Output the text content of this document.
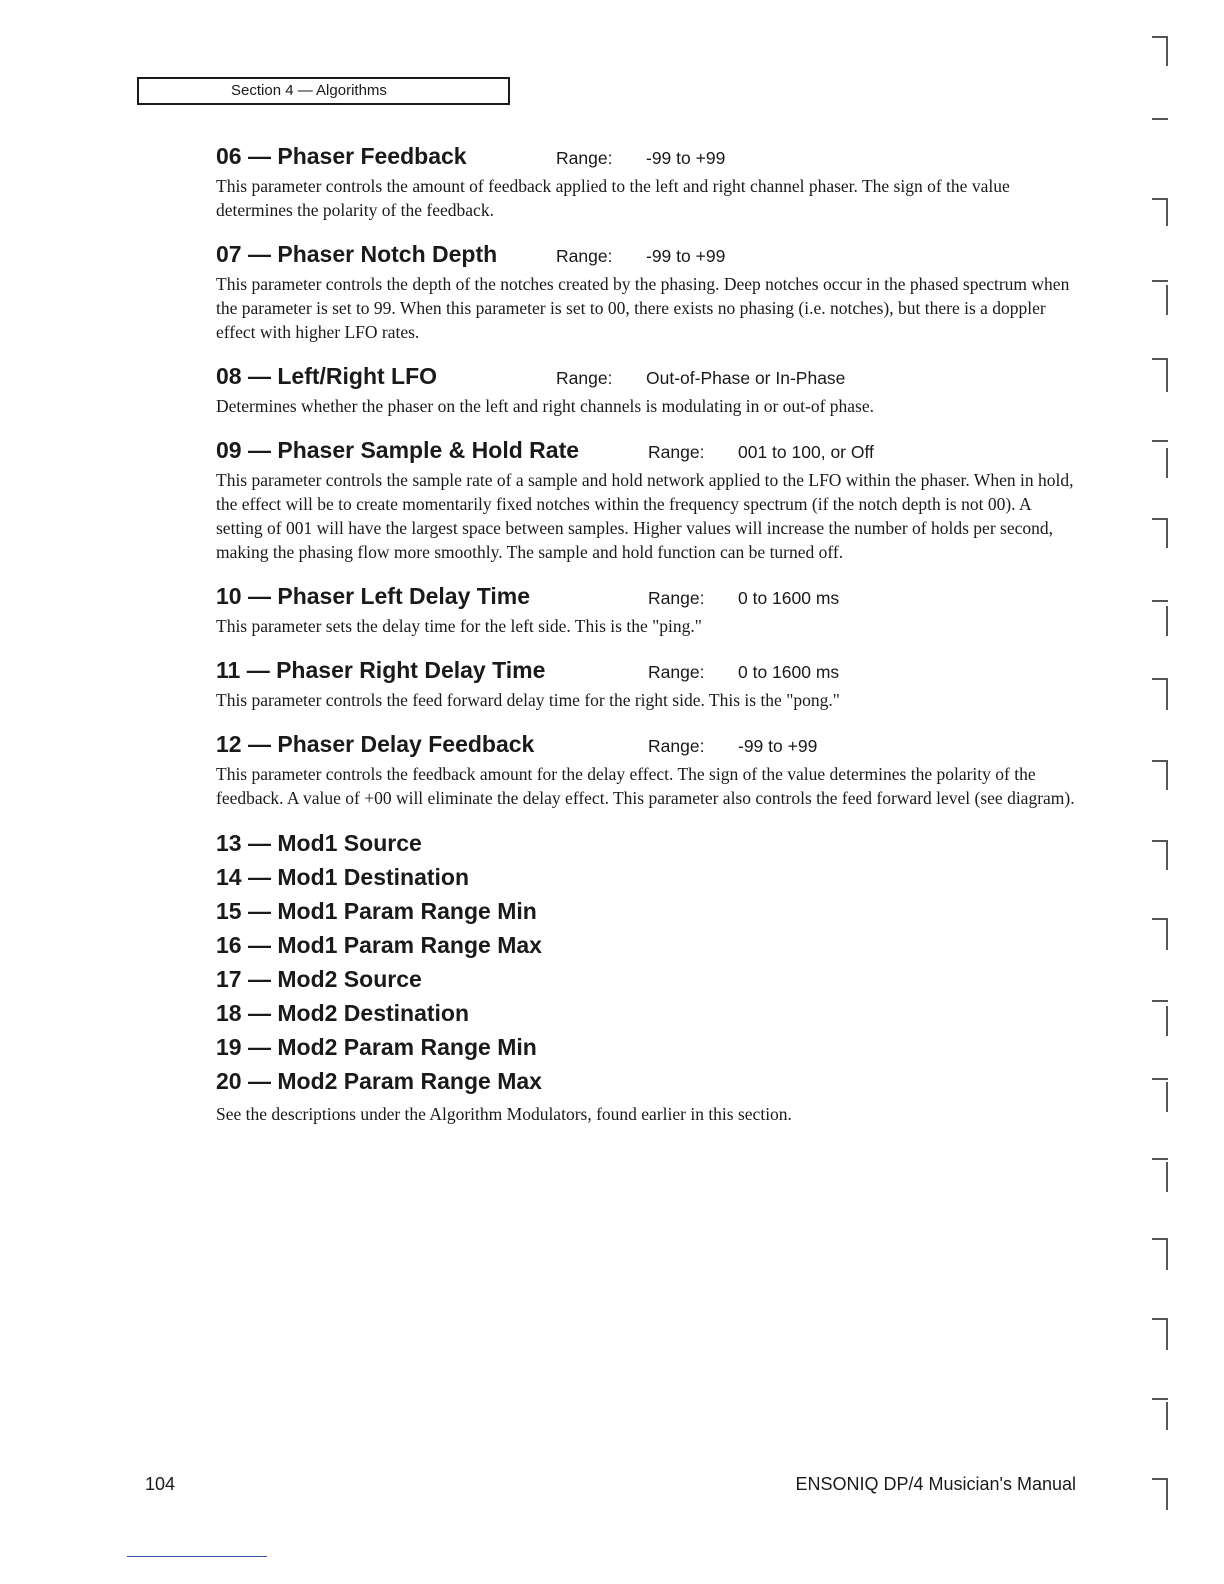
Section 4 — Algorithms
06 — Phaser Feedback	Range: -99 to +99

This parameter controls the amount of feedback applied to the left and right channel phaser. The sign of the value determines the polarity of the feedback.

07 — Phaser Notch Depth	Range: -99 to +99

This parameter controls the depth of the notches created by the phasing. Deep notches occur in the phased spectrum when the parameter is set to 99. When this parameter is set to 00, there exists no phasing (i.e. notches), but there is a doppler effect with higher LFO rates.

08 — Left/Right LFO	Range: Out-of-Phase or In-Phase

Determines whether the phaser on the left and right channels is modulating in or out-of phase.

09 — Phaser Sample & Hold Rate	Range: 001 to 100, or Off

This parameter controls the sample rate of a sample and hold network applied to the LFO within the phaser. When in hold, the effect will be to create momentarily fixed notches within the frequency spectrum (if the notch depth is not 00). A setting of 001 will have the largest space between samples. Higher values will increase the number of holds per second, making the phasing flow more smoothly. The sample and hold function can be turned off.

10 — Phaser Left Delay Time	Range: 0 to 1600 ms

This parameter sets the delay time for the left side. This is the "ping."

11 — Phaser Right Delay Time	Range: 0 to 1600 ms

This parameter controls the feed forward delay time for the right side. This is the "pong."

12 — Phaser Delay Feedback	Range: -99 to +99

This parameter controls the feedback amount for the delay effect. The sign of the value determines the polarity of the feedback. A value of +00 will eliminate the delay effect. This parameter also controls the feed forward level (see diagram).

13 — Mod1 Source
14 — Mod1 Destination
15 — Mod1 Param Range Min
16 — Mod1 Param Range Max
17 — Mod2 Source
18 — Mod2 Destination
19 — Mod2 Param Range Min
20 — Mod2 Param Range Max

See the descriptions under the Algorithm Modulators, found earlier in this section.

104	ENSONIQ DP/4 Musician's Manual
